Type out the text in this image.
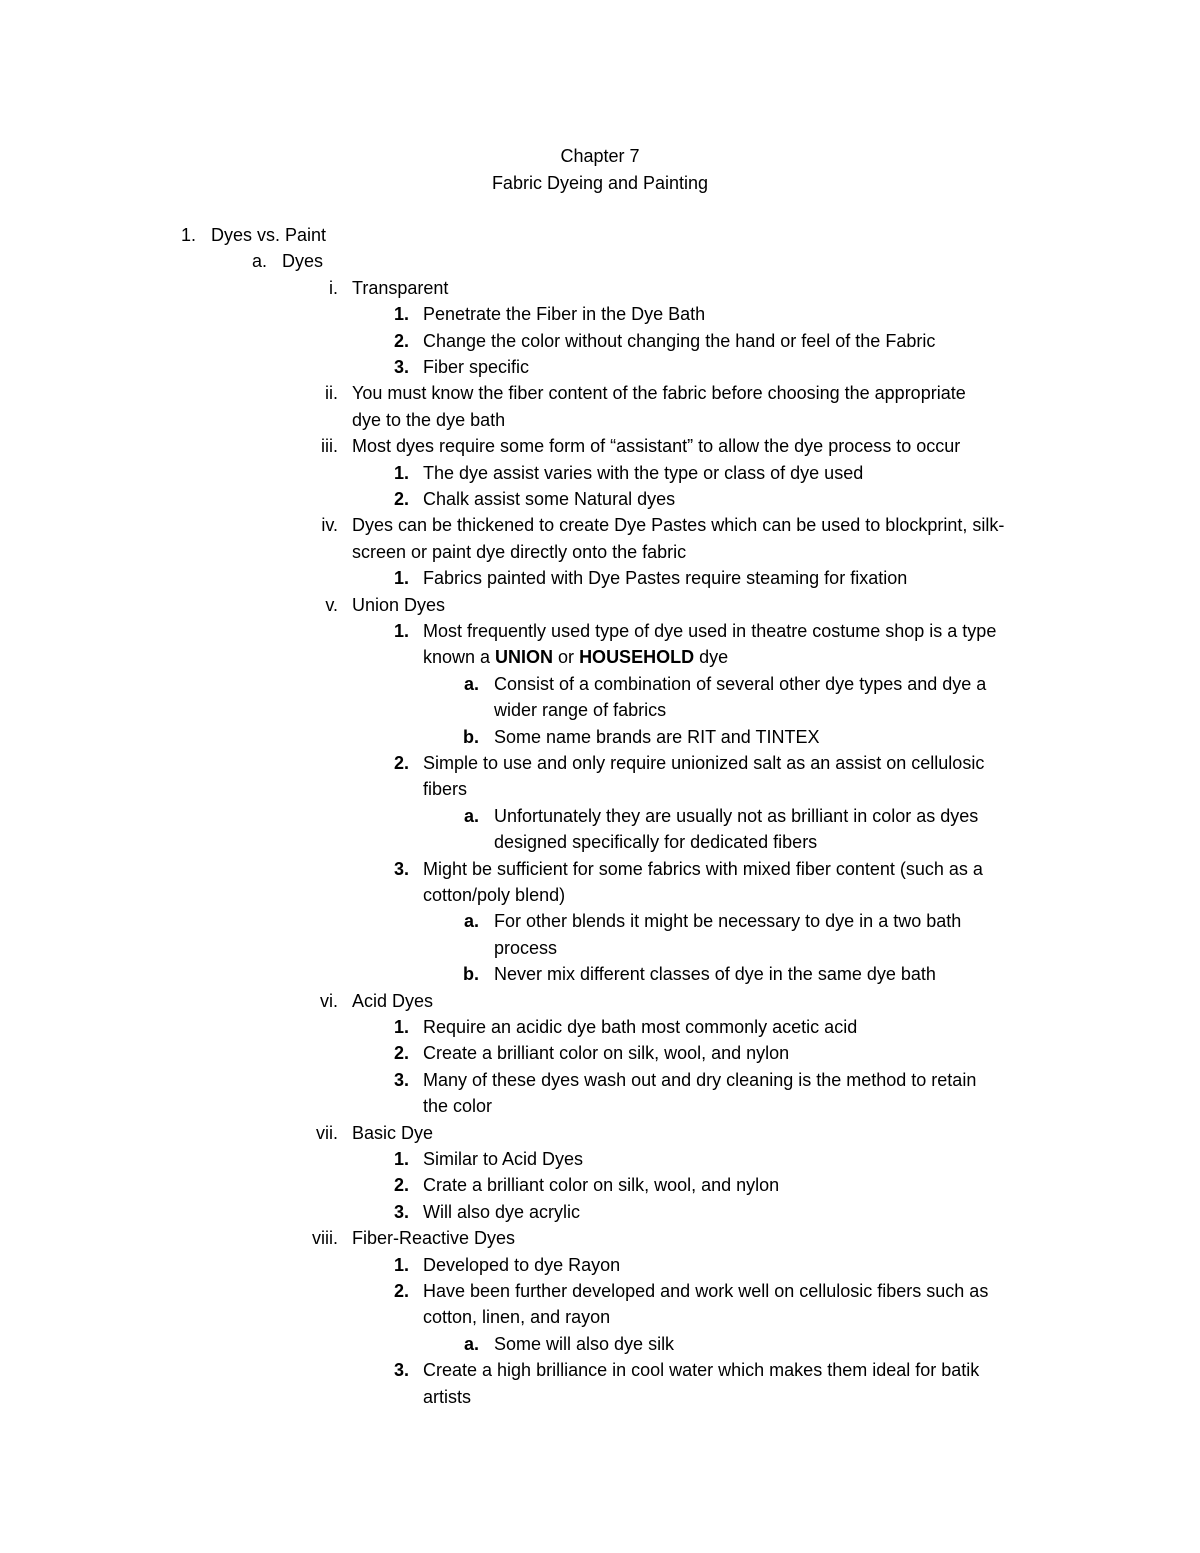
Chapter 7
Fabric Dyeing and Painting
1. Dyes vs. Paint
a. Dyes
i. Transparent
1. Penetrate the Fiber in the Dye Bath
2. Change the color without changing the hand or feel of the Fabric
3. Fiber specific
ii. You must know the fiber content of the fabric before choosing the appropriate
dye to the dye bath
iii. Most dyes require some form of “assistant” to allow the dye process to occur
1. The dye assist varies with the type or class of dye used
2. Chalk assist some Natural dyes
iv. Dyes can be thickened to create Dye Pastes which can be used to blockprint, silk-
screen or paint dye directly onto the fabric
1. Fabrics painted with Dye Pastes require steaming for fixation
v. Union Dyes
1. Most frequently used type of dye used in theatre costume shop is a type
known a UNION or HOUSEHOLD dye
a. Consist of a combination of several other dye types and dye a
wider range of fabrics
b. Some name brands are RIT and TINTEX
2. Simple to use and only require unionized salt as an assist on cellulosic
fibers
a. Unfortunately they are usually not as brilliant in color as dyes
designed specifically for dedicated fibers
3. Might be sufficient for some fabrics with mixed fiber content (such as a
cotton/poly blend)
a. For other blends it might be necessary to dye in a two bath
process
b. Never mix different classes of dye in the same dye bath
vi. Acid Dyes
1. Require an acidic dye bath most commonly acetic acid
2. Create a brilliant color on silk, wool, and nylon
3. Many of these dyes wash out and dry cleaning is the method to retain
the color
vii. Basic Dye
1. Similar to Acid Dyes
2. Crate a brilliant color on silk, wool, and nylon
3. Will also dye acrylic
viii. Fiber-Reactive Dyes
1. Developed to dye Rayon
2. Have been further developed and work well on cellulosic fibers such as
cotton, linen, and rayon
a. Some will also dye silk
3. Create a high brilliance in cool water which makes them ideal for batik
artists
